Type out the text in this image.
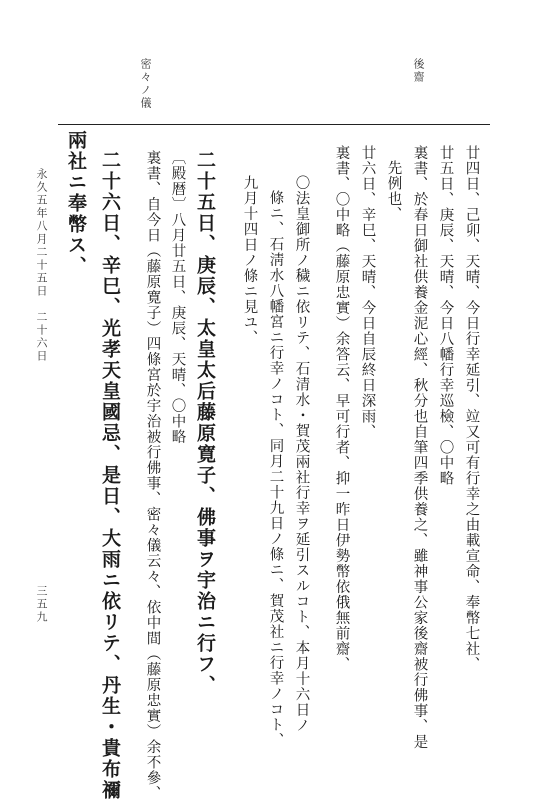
後齋
密々ノ儀
廿四日、己卯、天晴、今日行幸延引、竝又可有行幸之由載宣命、奉幣七社、
廿五日、庚辰、天晴、今日八幡行幸巡檢、〇中略
裏書、於春日御社供養金泥心經、秋分也自筆四季供養之、雖神事公家後齋被行佛事、是
先例也、
廿六日、辛巳、天晴、今日自辰終日深雨、
裏書、〇中略（藤原忠實）余答云、早可行者、抑一昨日伊勢幣依俄無前齋、
〇法皇御所ノ穢ニ依リテ、石清水・賀茂兩社行幸ヲ延引スルコト、本月十六日ノ
條ニ、石淸水八幡宮ニ行幸ノコト、同月二十九日ノ條ニ、賀茂社ニ行幸ノコト、
九月十四日ノ條ニ見ユ、
二十五日、庚辰、太皇太后藤原寛子、佛事ヲ宇治ニ行フ、
〔殿暦〕八月廿五日、庚辰、天晴、〇中略
裏書、自今日（藤原寛子）四條宮於宇治被行佛事、密々儀云々、依中間（藤原忠實）余不參、
二十六日、辛巳、光孝天皇國忌、是日、大雨ニ依リテ、丹生・貴布禰
兩社ニ奉幣ス、
永久五年八月二十五日　二十六日
三五九
